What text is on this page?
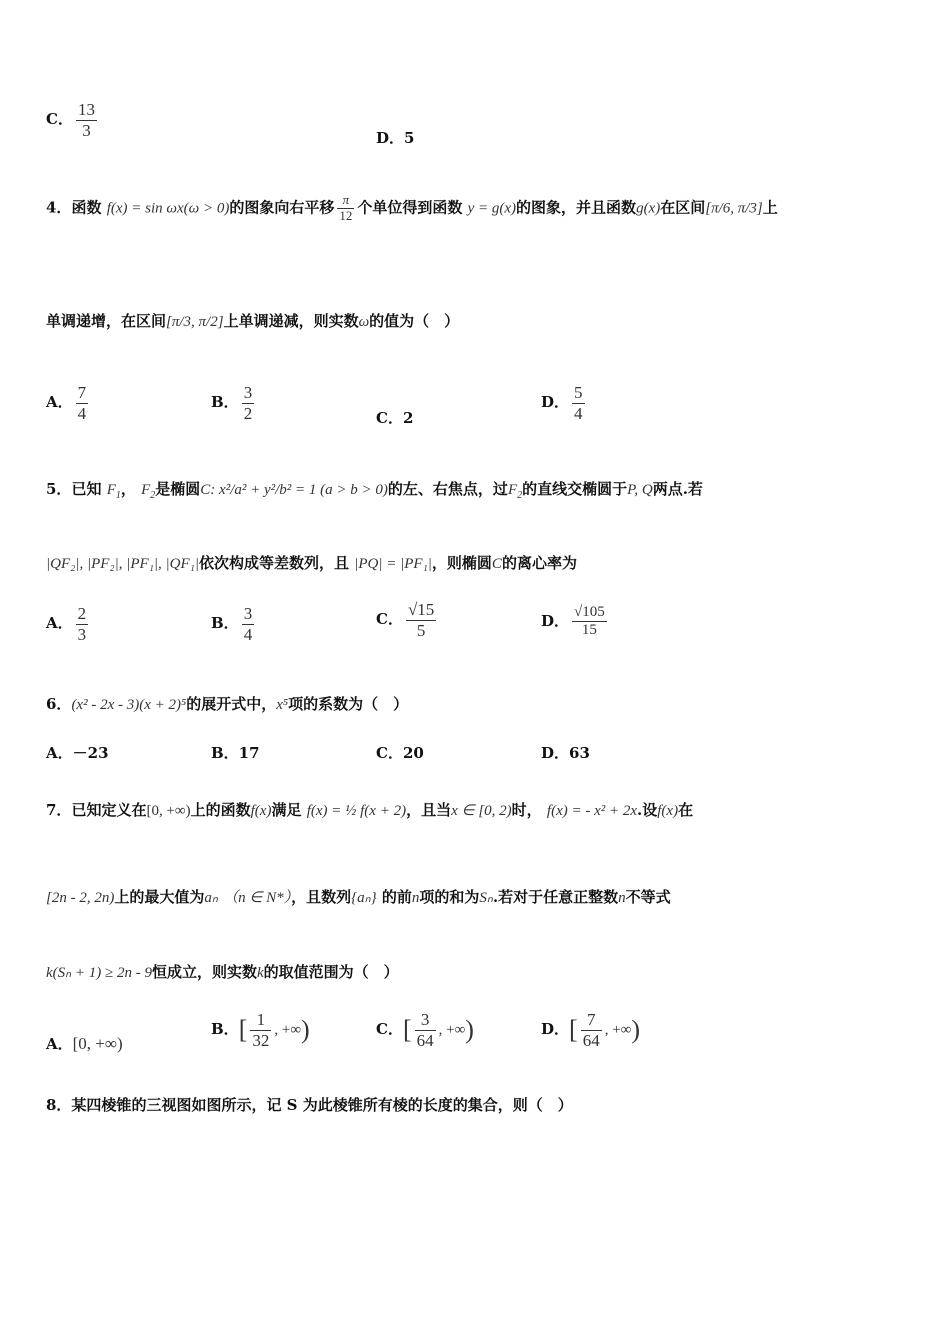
C． $\frac{13}{3}$	D．5
4．函数 f(x) = sin ωx(ω > 0)的图象向右平移 $\frac{\pi}{12}$ 个单位得到函数 y = g(x)的图象，并且函数g(x)在区间[π/6, π/3]上
单调递增，在区间[π/3, π/2]上单调递减，则实数ω的值为（　）
A． $\frac{7}{4}$	B． $\frac{3}{2}$	C．2
D． $\frac{5}{4}$
5．已知 $F_1$， $F_2$是椭圆C: x²/a² + y²/b² = 1 (a > b > 0)的左、右焦点，过$F_2$的直线交椭圆于P, Q两点.若
|QF₂|, |PF₂|, |PF₁|, |QF₁|依次构成等差数列，且 |PQ| = |PF₁|，则椭圆C的离心率为
A． $\frac{2}{3}$	B． $\frac{3}{4}$	C． $\frac{√15}{5}$	D． $\frac{√105}{15}$
6．(x² - 2x - 3)(x + 2)⁵的展开式中，x⁵项的系数为（　）
A．－23	B．17	C．20	D．63
7．已知定义在[0, +∞)上的函数f(x)满足 f(x) = ½ f(x + 2)，且当x ∈ [0, 2)时， f(x) = - x² + 2x.设f(x)在
[2n - 2, 2n)上的最大值为aₙ （n ∈ N*），且数列{aₙ} 的前n项的和为Sₙ.若对于任意正整数n不等式
k(Sₙ + 1) ≥ 2n - 9恒成立，则实数k的取值范围为（　）
A．[0, +∞)
B．[ $\frac{1}{32}$ , +∞)	C．[ $\frac{3}{64}$ , +∞)	D．[ $\frac{7}{64}$ , +∞)
8．某四棱锥的三视图如图所示，记 S 为此棱锥所有棱的长度的集合，则（　）
